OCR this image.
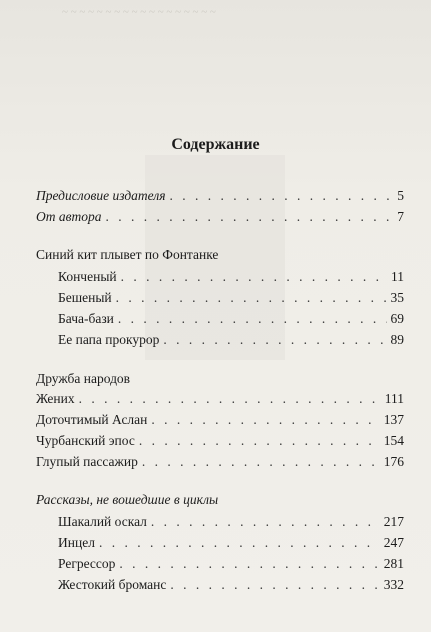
~ ~ ~ ~ ~ ~ ~ ~ ~ ~ ~ ~ ~ ~ ~ ~ ~ ~
Содержание
Предисловие издателя . . .	5
От автора . . .	7
Синий кит плывет по Фонтанке
Конченый . . .	11
Бешеный . . .	35
Бача-бази . . .	69
Ее папа прокурор . . .	89
Дружба народов
Жених . . .	111
Доточтимый Аслан . . .	137
Чурбанский эпос . . .	154
Глупый пассажир . . .	176
Рассказы, не вошедшие в циклы
Шакалий оскал . . .	217
Инцел . . .	247
Регрессор . . .	281
Жестокий броманс . . .	332
